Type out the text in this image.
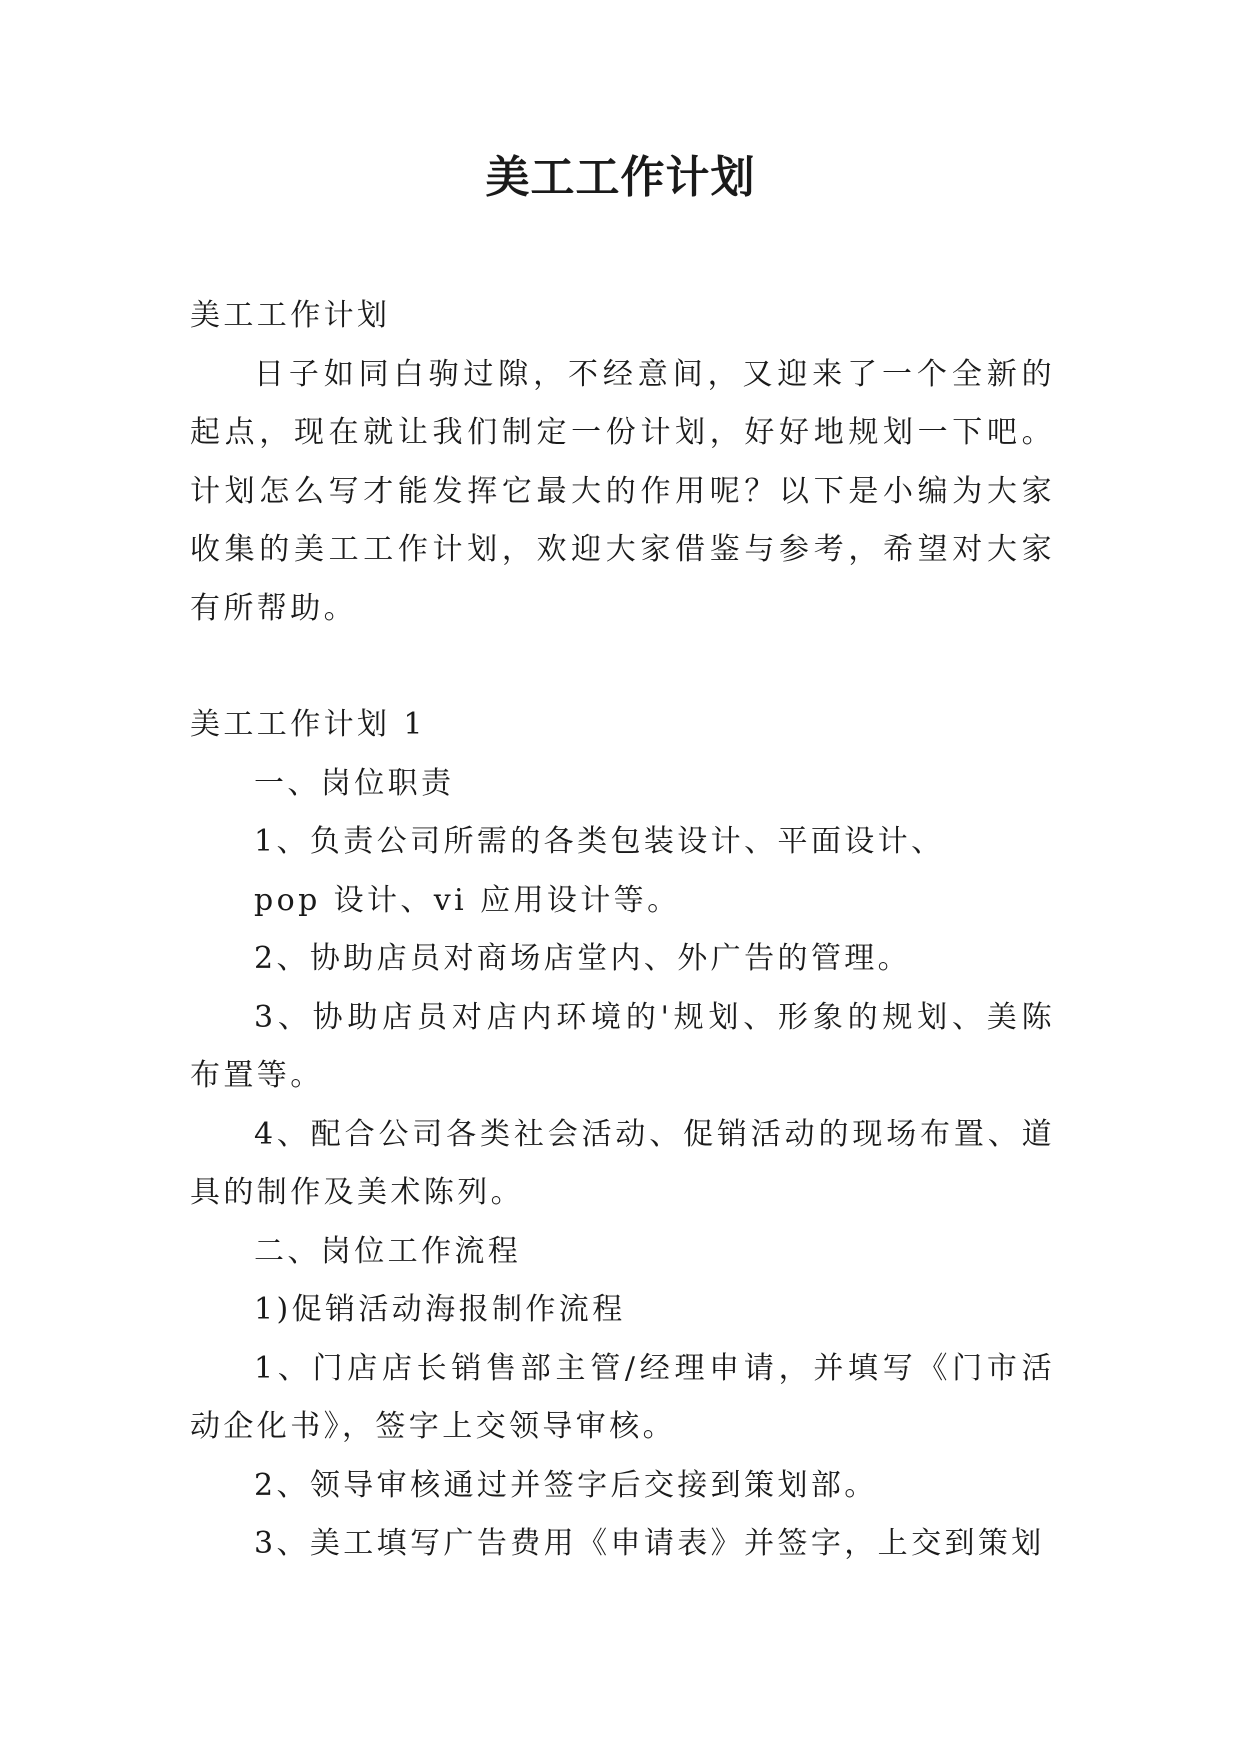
美工工作计划

美工工作计划

日子如同白驹过隙，不经意间，又迎来了一个全新的起点，现在就让我们制定一份计划，好好地规划一下吧。计划怎么写才能发挥它最大的作用呢？以下是小编为大家收集的美工工作计划，欢迎大家借鉴与参考，希望对大家有所帮助。

美工工作计划 1

一、岗位职责

1、负责公司所需的各类包装设计、平面设计、

pop 设计、vi 应用设计等。

2、协助店员对商场店堂内、外广告的管理。

3、协助店员对店内环境的'规划、形象的规划、美陈布置等。

4、配合公司各类社会活动、促销活动的现场布置、道具的制作及美术陈列。

二、岗位工作流程

1)促销活动海报制作流程

1、门店店长销售部主管/经理申请，并填写《门市活动企化书》，签字上交领导审核。

2、领导审核通过并签字后交接到策划部。

3、美工填写广告费用《申请表》并签字，上交到策划
